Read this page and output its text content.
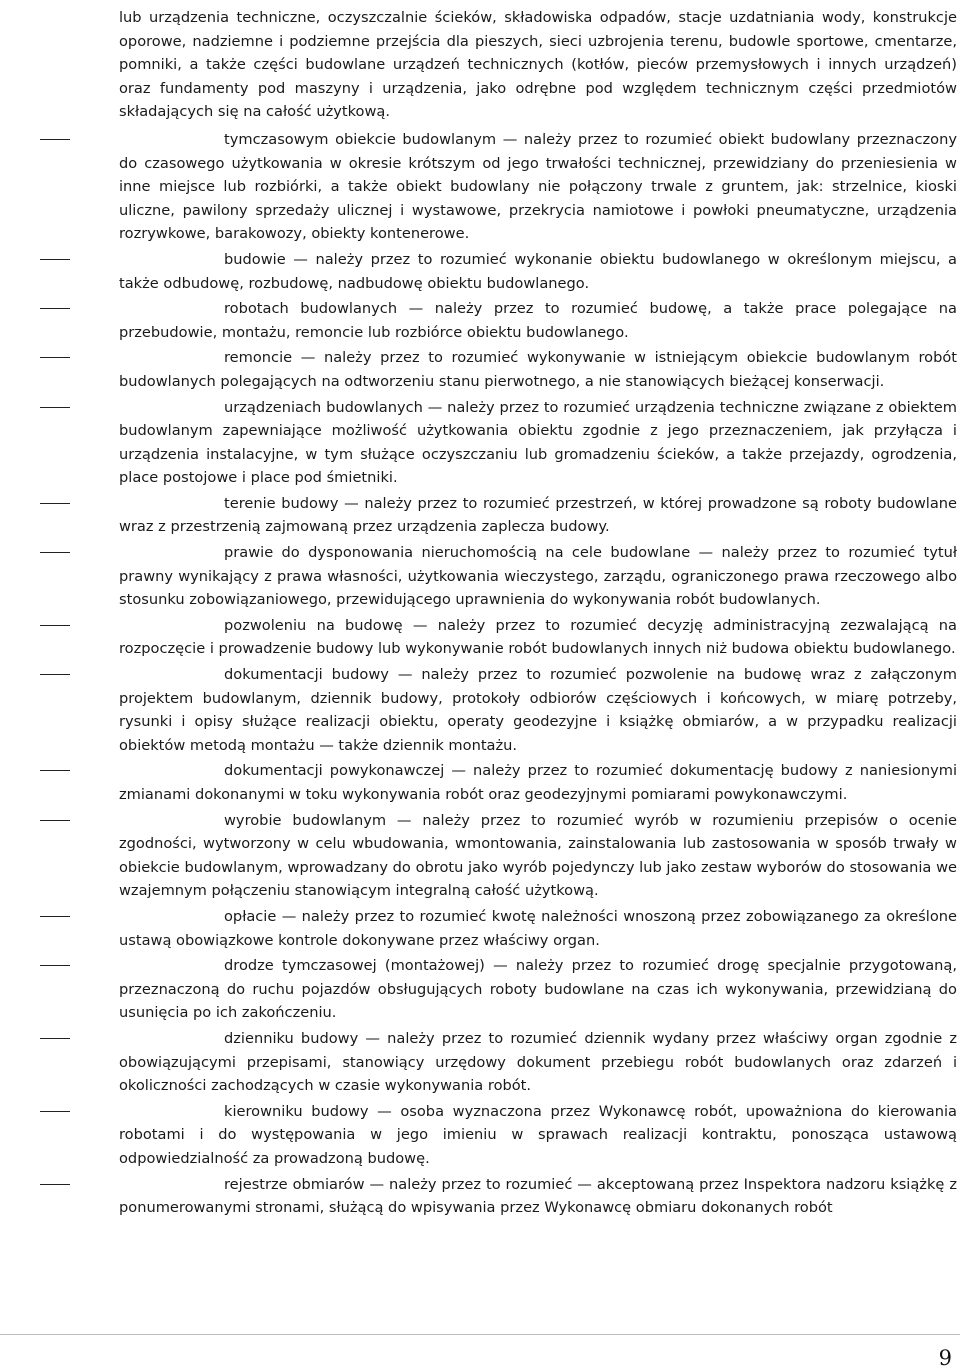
lub urządzenia techniczne, oczyszczalnie ścieków, składowiska odpadów, stacje uzdatniania wody, konstrukcje oporowe, nadziemne i podziemne przejścia dla pieszych, sieci uzbrojenia terenu, budowle sportowe, cmentarze, pomniki, a także części budowlane urządzeń technicznych (kotłów, pieców przemysłowych i innych urządzeń) oraz fundamenty pod maszyny i urządzenia, jako odrębne pod względem technicznym części przedmiotów składających się na całość użytkową.

tymczasowym obiekcie budowlanym — należy przez to rozumieć obiekt budowlany przeznaczony do czasowego użytkowania w okresie krótszym od jego trwałości technicznej, przewidziany do przeniesienia w inne miejsce lub rozbiórki, a także obiekt budowlany nie połączony trwale z gruntem, jak: strzelnice, kioski uliczne, pawilony sprzedaży ulicznej i wystawowe, przekrycia namiotowe i powłoki pneumatyczne, urządzenia rozrywkowe, barakowozy, obiekty kontenerowe.
budowie — należy przez to rozumieć wykonanie obiektu budowlanego w określonym miejscu, a także odbudowę, rozbudowę, nadbudowę obiektu budowlanego.
robotach budowlanych — należy przez to rozumieć budowę, a także prace polegające na przebudowie, montażu, remoncie lub rozbiórce obiektu budowlanego.
remoncie — należy przez to rozumieć wykonywanie w istniejącym obiekcie budowlanym robót budowlanych polegających na odtworzeniu stanu pierwotnego, a nie stanowiących bieżącej konserwacji.
urządzeniach budowlanych — należy przez to rozumieć urządzenia techniczne związane z obiektem budowlanym zapewniające możliwość użytkowania obiektu zgodnie z jego przeznaczeniem, jak przyłącza i urządzenia instalacyjne, w tym służące oczyszczaniu lub gromadzeniu ścieków, a także przejazdy, ogrodzenia, place postojowe i place pod śmietniki.
terenie budowy — należy przez to rozumieć przestrzeń, w której prowadzone są roboty budowlane wraz z przestrzenią zajmowaną przez urządzenia zaplecza budowy.
prawie do dysponowania nieruchomością na cele budowlane — należy przez to rozumieć tytuł prawny wynikający z prawa własności, użytkowania wieczystego, zarządu, ograniczonego prawa rzeczowego albo stosunku zobowiązaniowego, przewidującego uprawnienia do wykonywania robót budowlanych.
pozwoleniu na budowę — należy przez to rozumieć decyzję administracyjną zezwalającą na rozpoczęcie i prowadzenie budowy lub wykonywanie robót budowlanych innych niż budowa obiektu budowlanego.
dokumentacji budowy — należy przez to rozumieć pozwolenie na budowę wraz z załączonym projektem budowlanym, dziennik budowy, protokoły odbiorów częściowych i końcowych, w miarę potrzeby, rysunki i opisy służące realizacji obiektu, operaty geodezyjne i książkę obmiarów, a w przypadku realizacji obiektów metodą montażu — także dziennik montażu.
dokumentacji powykonawczej — należy przez to rozumieć dokumentację budowy z naniesionymi zmianami dokonanymi w toku wykonywania robót oraz geodezyjnymi pomiarami powykonawczymi.
wyrobie budowlanym — należy przez to rozumieć wyrób w rozumieniu przepisów o ocenie zgodności, wytworzony w celu wbudowania, wmontowania, zainstalowania lub zastosowania w sposób trwały w obiekcie budowlanym, wprowadzany do obrotu jako wyrób pojedynczy lub jako zestaw wyborów do stosowania we wzajemnym połączeniu stanowiącym integralną całość użytkową.
opłacie — należy przez to rozumieć kwotę należności wnoszoną przez zobowiązanego za określone ustawą obowiązkowe kontrole dokonywane przez właściwy organ.
drodze tymczasowej (montażowej) — należy przez to rozumieć drogę specjalnie przygotowaną, przeznaczoną do ruchu pojazdów obsługujących roboty budowlane na czas ich wykonywania, przewidzianą do usunięcia po ich zakończeniu.
dzienniku budowy — należy przez to rozumieć dziennik wydany przez właściwy organ zgodnie z obowiązującymi przepisami, stanowiący urzędowy dokument przebiegu robót budowlanych oraz zdarzeń i okoliczności zachodzących w czasie wykonywania robót.
kierowniku budowy — osoba wyznaczona przez Wykonawcę robót, upoważniona do kierowania robotami i do występowania w jego imieniu w sprawach realizacji kontraktu, ponosząca ustawową odpowiedzialność za prowadzoną budowę.
rejestrze obmiarów — należy przez to rozumieć — akceptowaną przez Inspektora nadzoru książkę z ponumerowanymi stronami, służącą do wpisywania przez Wykonawcę obmiaru dokonanych robót
9
